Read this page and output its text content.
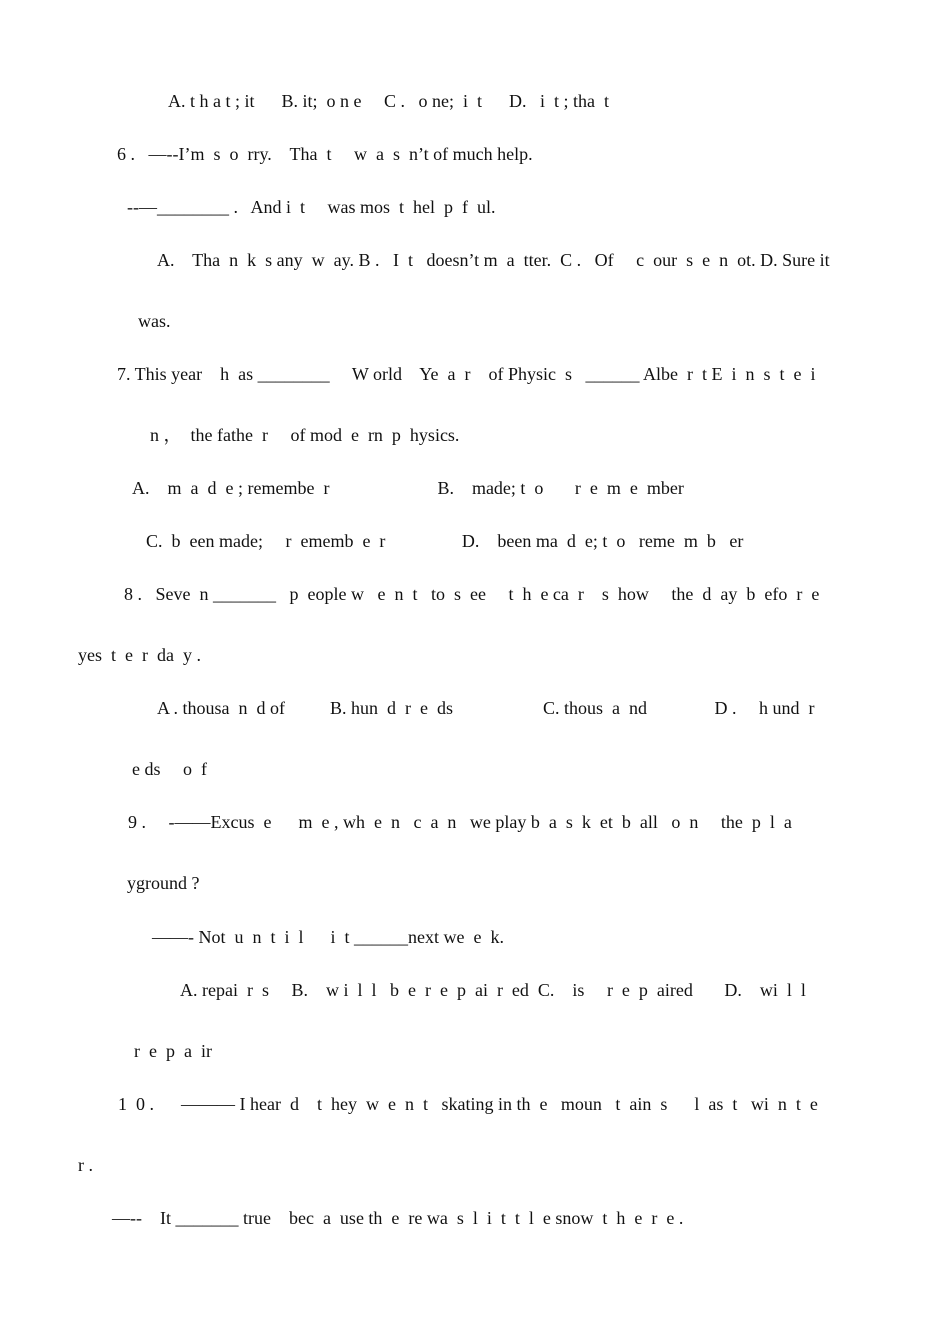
A. t h a t ; it      B. it;  o n e     C .   o ne;  i  t      D.   i  t ; tha  t
6 .   —--I’m  s  o  rry.    Tha  t     w  a  s  n’t of much help.
--—________ .   And i  t     was mos  t  hel  p  f  ul.
A.    Tha  n  k  s any  w  ay. B .   I  t   doesn’t m  a  tter.  C .   Of     c  our  s  e  n  ot. D. Sure it
was.
7. This year    h  as ________     W orld    Ye  a  r    of Physic  s   ______ Albe  r  t E  i  n  s  t  e  i
n ，  the fathe  r     of mod  e  rn  p  hysics.
A.    m  a  d  e ; remembe  r                        B.    made; t  o       r  e  m  e  mber
C.  b  een made;     r  ememb  e  r                 D.    been ma  d  e; t  o   reme  m  b   er
8 .   Seve  n _______   p  eople w   e  n  t   to  s  ee     t  h  e ca  r    s  how     the  d  ay  b  efo  r  e
yes  t  e  r  da  y .
A . thousa  n  d of          B. hun  d  r  e  ds                    C. thous  a  nd               D .     h und  r
e ds     o  f
9 .     -——Excus  e      m  e , wh  e  n   c  a  n   we play b  a  s  k  et  b  all   o  n     the  p  l  a
yground ?
——- Not  u  n  t  i  l      i  t ______next we  e  k.
A. repai  r  s     B.    w i  l  l   b  e  r  e  p  ai  r  ed  C.    is     r  e  p  aired       D.    wi  l  l
r  e  p  a  ir
1  0 .      ——— I hear  d    t  hey  w  e  n  t   skating in th  e   moun   t  ain  s      l  as  t   wi  n  t  e
r .
—--    It _______ true    bec  a  use th  e  re wa  s  l  i  t  t  l  e snow  t  h  e  r  e .
